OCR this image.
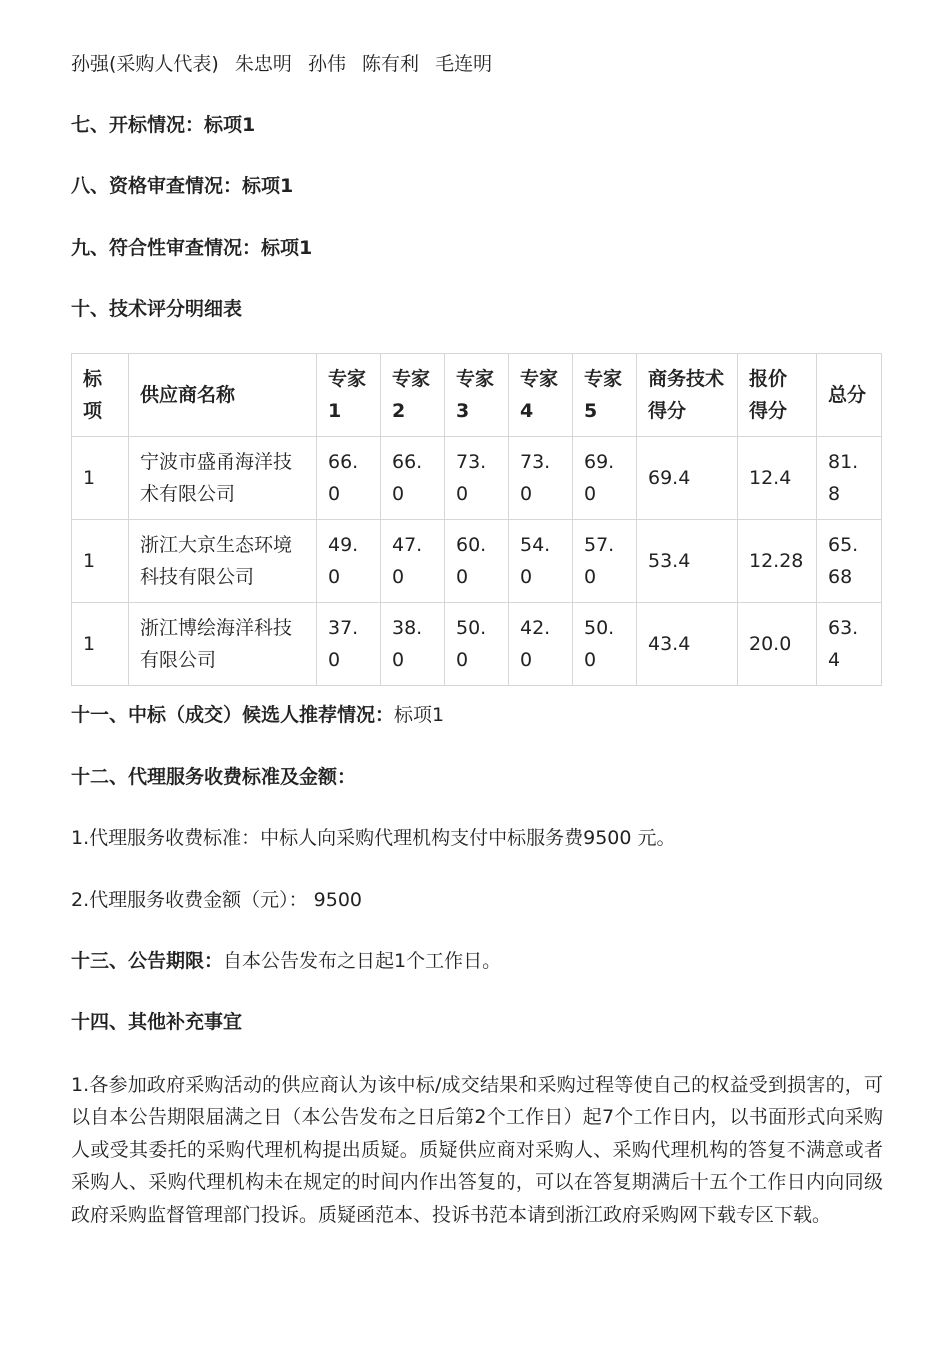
孙强(采购人代表) 朱忠明 孙伟 陈有利 毛连明
七、开标情况：标项1
八、资格审查情况：标项1
九、符合性审查情况：标项1
十、技术评分明细表
标项	供应商名称	专家1	专家2	专家3	专家4	专家5	商务技术得分	报价得分	总分
1	宁波市盛甬海洋技术有限公司	66.0	66.0	73.0	73.0	69.0	69.4	12.4	81.8
1	浙江大京生态环境科技有限公司	49.0	47.0	60.0	54.0	57.0	53.4	12.28	65.68
1	浙江博绘海洋科技有限公司	37.0	38.0	50.0	42.0	50.0	43.4	20.0	63.4
十一、中标（成交）候选人推荐情况：标项1
十二、代理服务收费标准及金额：
1.代理服务收费标准：中标人向采购代理机构支付中标服务费9500 元。
2.代理服务收费金额（元）： 9500
十三、公告期限：自本公告发布之日起1个工作日。
十四、其他补充事宜
1.各参加政府采购活动的供应商认为该中标/成交结果和采购过程等使自己的权益受到损害的，可以自本公告期限届满之日（本公告发布之日后第2个工作日）起7个工作日内，以书面形式向采购人或受其委托的采购代理机构提出质疑。质疑供应商对采购人、采购代理机构的答复不满意或者采购人、采购代理机构未在规定的时间内作出答复的，可以在答复期满后十五个工作日内向同级政府采购监督管理部门投诉。质疑函范本、投诉书范本请到浙江政府采购网下载专区下载。
